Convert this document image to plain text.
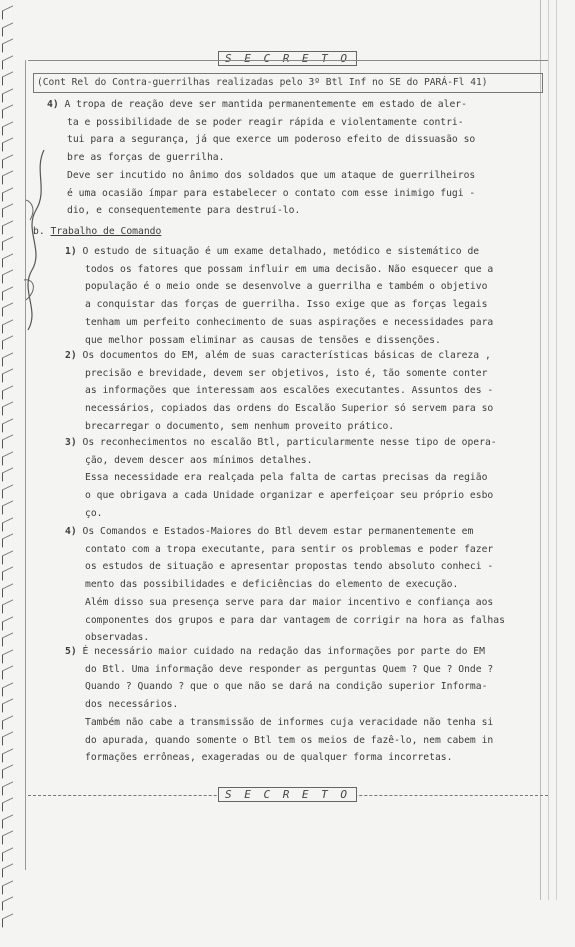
S E C R E T O
(Cont Rel do Contra-guerrilhas realizadas pelo 3º Btl Inf no SE do PARÁ-Fl 41)

4) A tropa de reação deve ser mantida permanentemente em estado de aler-

ta e possibilidade de se poder reagir rápida e violentamente contri-

tui para a segurança, já que exerce um poderoso efeito de dissuasão so

bre as forças de guerrilha.

Deve ser incutido no ânimo dos soldados que um ataque de guerrilheiros

é uma ocasião ímpar para estabelecer o contato com esse inimigo fugi -

dio, e consequentemente para destruí-lo.

b. Trabalho de Comando

1) O estudo de situação é um exame detalhado, metódico e sistemático de

todos os fatores que possam influir em uma decisão. Não esquecer que a

população é o meio onde se desenvolve a guerrilha e também o objetivo

a conquistar das forças de guerrilha. Isso exige que as forças legais

tenham um perfeito conhecimento de suas aspirações e necessidades para

que melhor possam eliminar as causas de tensões e dissenções.

2) Os documentos do EM, além de suas características básicas de clareza ,

precisão e brevidade, devem ser objetivos, isto é, tão somente conter

as informações que interessam aos escalões executantes. Assuntos des -

necessários, copiados das ordens do Escalão Superior só servem para so

brecarregar o documento, sem nenhum proveito prático.

3) Os reconhecimentos no escalão Btl, particularmente nesse tipo de opera-

ção, devem descer aos mínimos detalhes.

Essa necessidade era realçada pela falta de cartas precisas da região

o que obrigava a cada Unidade organizar e aperfeiçoar seu próprio esbo

ço.

4) Os Comandos e Estados-Maiores do Btl devem estar permanentemente em

contato com a tropa executante, para sentir os problemas e poder fazer

os estudos de situação e apresentar propostas tendo absoluto conheci -

mento das possibilidades e deficiências do elemento de execução.

Além disso sua presença serve para dar maior incentivo e confiança aos

componentes dos grupos e para dar vantagem de corrigir na hora as falhas

observadas.

5) É necessário maior cuidado na redação das informações por parte do EM

do Btl. Uma informação deve responder as perguntas Quem ? Que ? Onde ?

Quando ? Quando ? que o que não se dará na condição superior Informa-

dos necessários.

Também não cabe a transmissão de informes cuja veracidade não tenha si

do apurada, quando somente o Btl tem os meios de fazê-lo, nem cabem in

formações errôneas, exageradas ou de qualquer forma incorretas.

S E C R E T O
